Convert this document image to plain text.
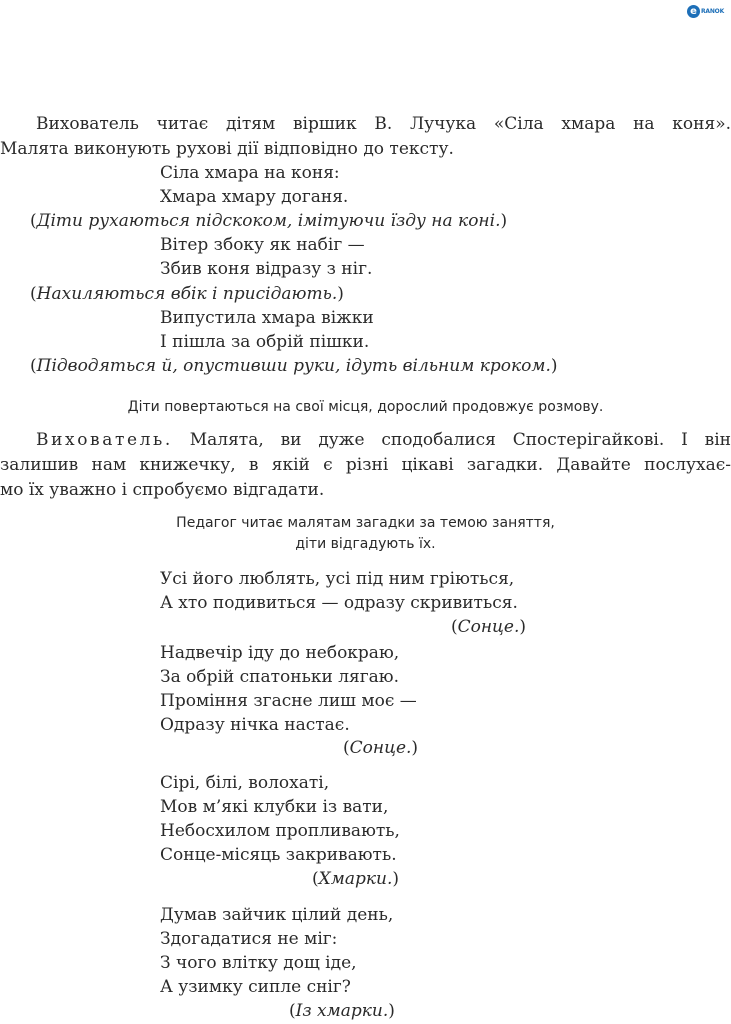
e RANOK
Вихователь читає дітям віршик В. Лучука «Сіла хмара на коня».
Малята виконують рухові дії відповідно до тексту.
Сіла хмара на коня:
Хмара хмару доганя.
(Діти рухаються підскоком, імітуючи їзду на коні.)
Вітер збоку як набіг —
Збив коня відразу з ніг.
(Нахиляються вбік і присідають.)
Випустила хмара віжки
І пішла за обрій пішки.
(Підводяться й, опустивши руки, ідуть вільним кроком.)
Діти повертаються на свої місця, дорослий продовжує розмову.
Вихователь. Малята, ви дуже сподобалися Спостерігайкові. І він
залишив нам книжечку, в якій є різні цікаві загадки. Давайте послухає-
мо їх уважно і спробуємо відгадати.
Педагог читає малятам загадки за темою заняття,
діти відгадують їх.
Усі його люблять, усі під ним гріються,
А хто подивиться — одразу скривиться.
(Сонце.)
Надвечір іду до небокраю,
За обрій спатоньки лягаю.
Проміння згасне лиш моє —
Одразу нічка настає.
(Сонце.)
Сірі, білі, волохаті,
Мов м’які клубки із вати,
Небосхилом пропливають,
Сонце-місяць закривають.
(Хмарки.)
Думав зайчик цілий день,
Здогадатися не міг:
З чого влітку дощ іде,
А узимку сипле сніг?
(Із хмарки.)
